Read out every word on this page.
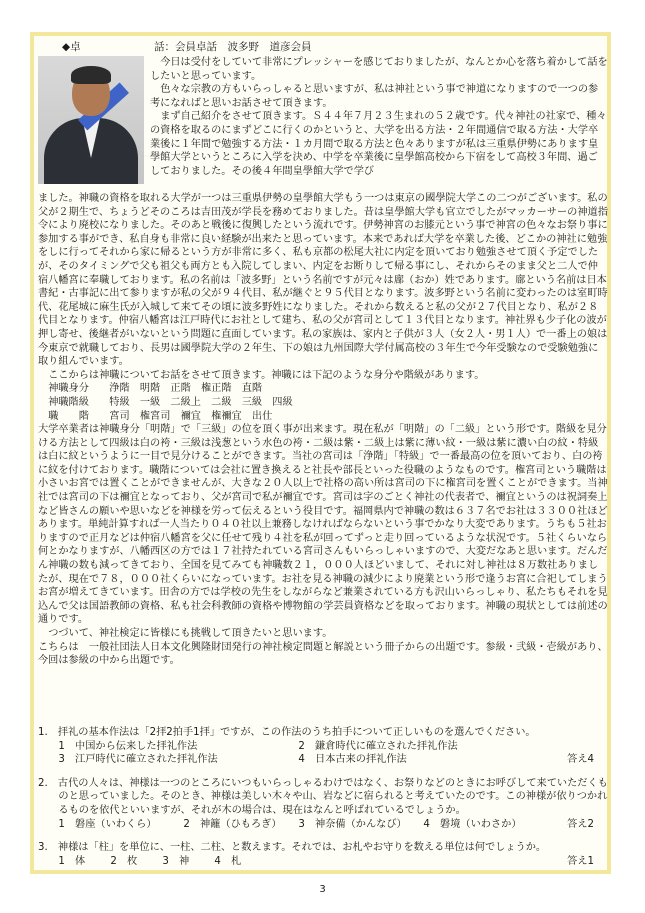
◆卓	話：会員卓話　波多野　道彦会員

今日は受付をしていて非常にプレッシャーを感じておりましたが、なんとか心を落ち着かして話をしたいと思っています。

色々な宗教の方もいらっしゃると思いますが、私は神社という事で神道になりますので一つの参考になればと思いお話させて頂きます。

まず自己紹介をさせて頂きます。Ｓ４４年７月２３生まれの５２歳です。代々神社の社家で、種々の資格を取るのにまずどこに行くのかというと、大学を出る方法・２年間通信で取る方法・大学卒業後に１年間で勉強する方法・１カ月間で取る方法と色々ありますが私は三重県伊勢にあります皇學館大学というところに入学を決め、中学を卒業後に皇學館高校から下宿をして高校３年間、過ごしておりました。その後４年間皇學館大学で学び

ました。神職の資格を取れる大学が一つは三重県伊勢の皇學館大学もう一つは東京の國學院大学この二つがございます。私の父が２期生で、ちょうどそのころは吉田茂が学長を務めておりました。昔は皇學館大学も官立でしたがマッカーサーの神道指令により廃校になりました。そのあと戦後に復興したという流れです。伊勢神宮のお膝元という事で神宮の色々なお祭り事に参加する事ができ、私自身も非常に良い経験が出来たと思っています。本来であれば大学を卒業した後、どこかの神社に勉強をしに行ってそれから家に帰るという方が非常に多く、私も京都の松尾大社に内定を頂いており勉強させて頂く予定でしたが、そのタイミングで父も祖父も両方とも入院してしまい、内定をお断りして帰る事にし、それからそのまま父と二人で仲宿八幡宮に奉職しております。私の名前は「波多野」という名前ですが元々は廍（おか）姓であります。廍という名前は日本書紀・古事記に出て参りますが私の父が９４代目、私が継ぐと９５代目となります。波多野という名前に変わったのは室町時代、花尾城に麻生氏が入城して来てその頃に波多野姓になりました。それから数えると私の父が２７代目となり、私が２８代目となります。仲宿八幡宮は江戸時代にお社として建ち、私の父が宮司として１３代目となります。神社界も少子化の波が押し寄せ、後継者がいないという問題に直面しています。私の家族は、家内と子供が３人（女２人・男１人）で一番上の娘は今東京で就職しており、長男は國學院大学の２年生、下の娘は九州国際大学付属高校の３年生で今年受験なので受験勉強に取り組んでいます。

ここからは神職についてお話をさせて頂きます。神職には下記のような身分や階級があります。

神職身分　　浄階　明階　正階　権正階　直階

神職階級　　特級　一級　二級上　二級　三級　四級

職　　階　　宮司　権宮司　禰宜　権禰宜　出仕

大学卒業者は神職身分「明階」で「三級」の位を頂く事が出来ます。現在私が「明階」の「二級」という形です。階級を見分ける方法として四級は白の袴・三級は浅葱という水色の袴・二級は紫・二級上は紫に薄い紋・一級は紫に濃い白の紋・特級は白に紋というように一目で見分けることができます。当社の宮司は「浄階」「特級」で一番最高の位を頂いており、白の袴に紋を付けております。職階については会社に置き換えると社長や部長といった役職のようなものです。権宮司という職階は小さいお宮では置くことができませんが、大きな２０人以上で社格の高い所は宮司の下に権宮司を置くことができます。当神社では宮司の下は禰宜となっており、父が宮司で私が禰宜です。宮司は字のごとく神社の代表者で、禰宜というのは祝詞奏上など皆さんの願いや思いなどを神様を労って伝えるという役目です。福岡県内で神職の数は６３７名でお社は３３００社ほどあります。単純計算すれば一人当たり０４０社以上兼務しなければならないという事でかなり大変であります。うちも５社おりますので正月などは仲宿八幡宮を父に任せて残り４社を私が回ってずっと走り回っているような状況です。５社くらいなら何とかなりますが、八幡西区の方では１７社持たれている宮司さんもいらっしゃいますので、大変だなあと思います。だんだん神職の数も減ってきており、全国を見てみても神職数２１，０００人ほどいまして、それに対し神社は８万数社ありましたが、現在で７８，０００社くらいになっています。お社を見る神職の減少により廃業という形で逢うお宮に合祀してしまうお宮が増えてきています。田舎の方では学校の先生をしながらなど兼業されている方も沢山いらっしゃり、私たちもそれを見込んで父は国語教師の資格、私も社会科教師の資格や博物館の学芸員資格などを取っております。神職の現状としては前述の通りです。

つづいて、神社検定に皆様にも挑戦して頂きたいと思います。

こちらは　一般社団法人日本文化興隆財団発行の神社検定問題と解説という冊子からの出題です。参級・弐級・壱級があり、今回は参級の中から出題です。

1.　 拝礼の基本作法は「2拝2拍手1拝」ですが、この作法のうち拍手について正しいものを選んでください。
1　中国から伝来した拝礼作法	2　鎌倉時代に確立された拝礼作法
3　江戸時代に確立された拝礼作法	4　日本古来の拝礼作法	答え4
2.　 古代の人々は、神様は一つのところにいつもいらっしゃるわけではなく、お祭りなどのときにお呼びして来ていただくものと思っていました。そのとき、神様は美しい木々や山、岩などに宿られると考えていたのです。この神様が依りつかれるものを依代といいますが、それが木の場合は、現在はなんと呼ばれているでしょうか。
1　磐座（いわくら）	2　神籬（ひもろぎ） 3　神奈備（かんなび） 4　磐境（いわさか）	答え2
3.　 神様は「柱」を単位に、一柱、二柱、と数えます。それでは、お札やお守りを数える単位は何でしょうか。
1　体 2　枚 3　神 4　札	答え1
3
